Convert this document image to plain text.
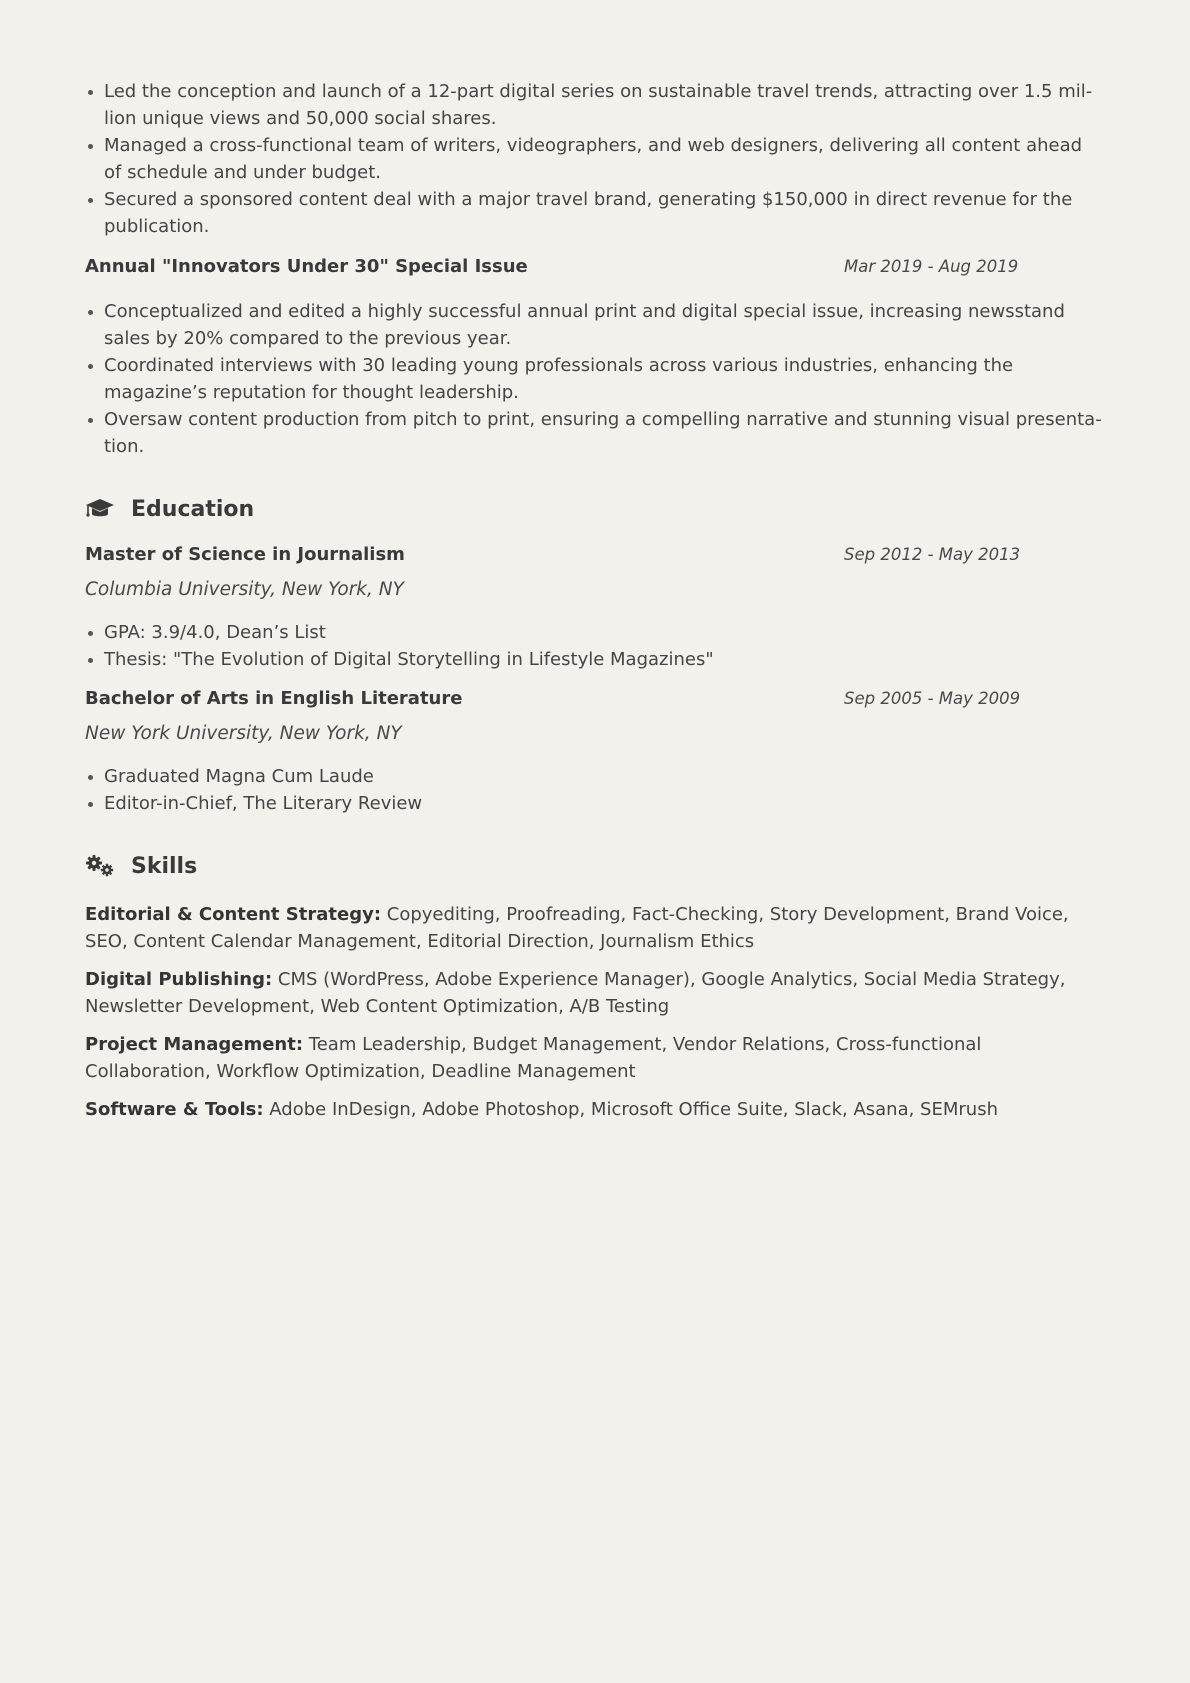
Led the conception and launch of a 12-part digital series on sustainable travel trends, attracting over 1.5 mil-lion unique views and 50,000 social shares.
Managed a cross-functional team of writers, videographers, and web designers, delivering all content ahead of schedule and under budget.
Secured a sponsored content deal with a major travel brand, generating $150,000 in direct revenue for the publication.
Annual "Innovators Under 30" Special Issue	Mar 2019 - Aug 2019
Conceptualized and edited a highly successful annual print and digital special issue, increasing newsstand sales by 20% compared to the previous year.
Coordinated interviews with 30 leading young professionals across various industries, enhancing the magazine’s reputation for thought leadership.
Oversaw content production from pitch to print, ensuring a compelling narrative and stunning visual presenta-tion.
Education
Master of Science in Journalism	Sep 2012 - May 2013
Columbia University, New York, NY
GPA: 3.9/4.0, Dean’s List
Thesis: "The Evolution of Digital Storytelling in Lifestyle Magazines"
Bachelor of Arts in English Literature	Sep 2005 - May 2009
New York University, New York, NY
Graduated Magna Cum Laude
Editor-in-Chief, The Literary Review
Skills
Editorial & Content Strategy: Copyediting, Proofreading, Fact-Checking, Story Development, Brand Voice, SEO, Content Calendar Management, Editorial Direction, Journalism Ethics
Digital Publishing: CMS (WordPress, Adobe Experience Manager), Google Analytics, Social Media Strategy, Newsletter Development, Web Content Optimization, A/B Testing
Project Management: Team Leadership, Budget Management, Vendor Relations, Cross-functional Collaboration, Workflow Optimization, Deadline Management
Software & Tools: Adobe InDesign, Adobe Photoshop, Microsoft Office Suite, Slack, Asana, SEMrush
